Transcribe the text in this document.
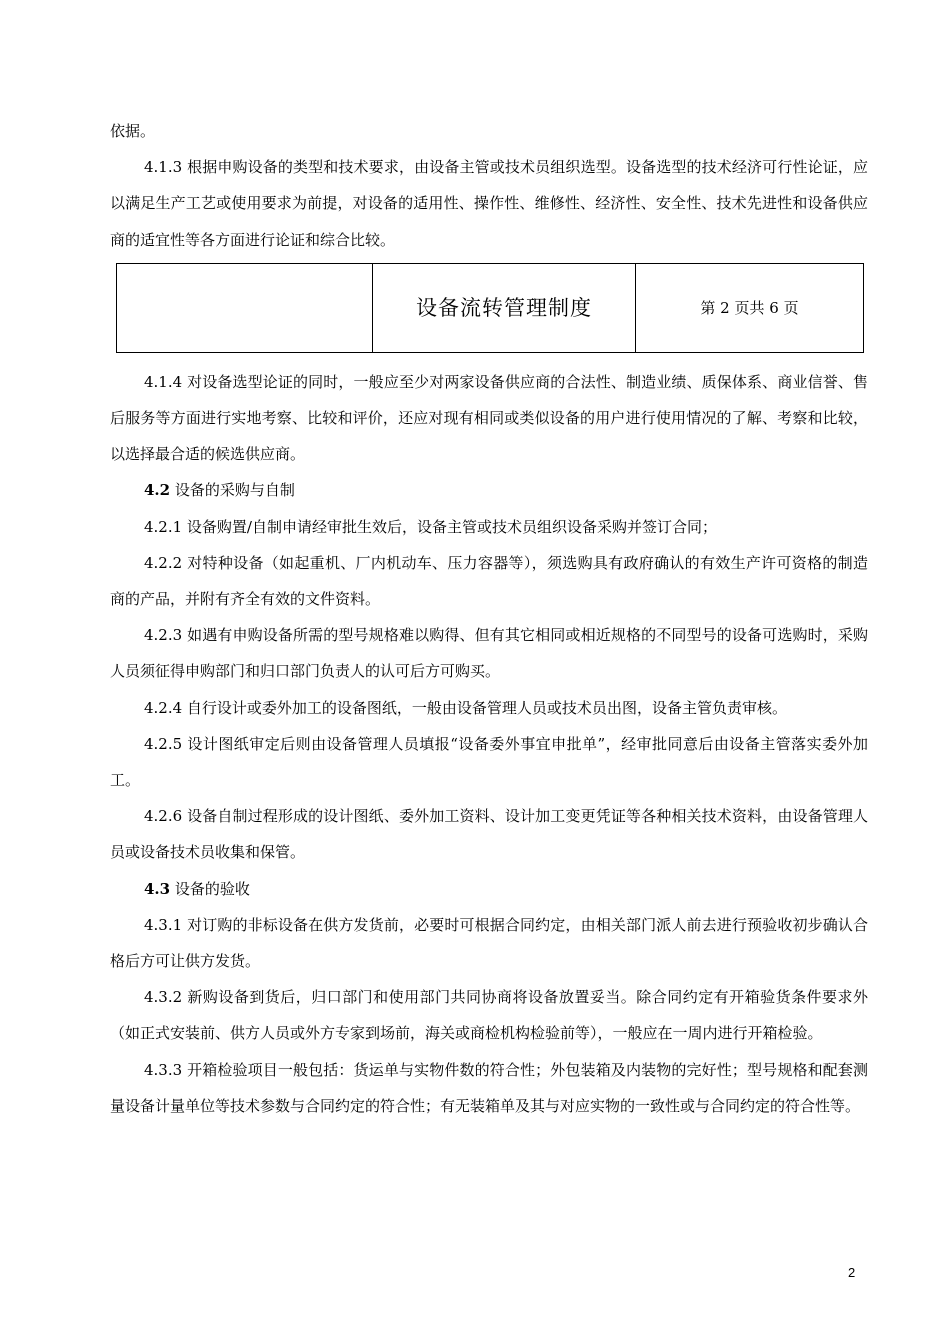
依据。

4.1.3 根据申购设备的类型和技术要求，由设备主管或技术员组织选型。设备选型的技术经济可行性论证，应以满足生产工艺或使用要求为前提，对设备的适用性、操作性、维修性、经济性、安全性、技术先进性和设备供应商的适宜性等各方面进行论证和综合比较。

	设备流转管理制度	第 2 页共 6 页

4.1.4 对设备选型论证的同时，一般应至少对两家设备供应商的合法性、制造业绩、质保体系、商业信誉、售后服务等方面进行实地考察、比较和评价，还应对现有相同或类似设备的用户进行使用情况的了解、考察和比较，以选择最合适的候选供应商。

4.2 设备的采购与自制

4.2.1 设备购置/自制申请经审批生效后，设备主管或技术员组织设备采购并签订合同；

4.2.2 对特种设备（如起重机、厂内机动车、压力容器等），须选购具有政府确认的有效生产许可资格的制造商的产品，并附有齐全有效的文件资料。

4.2.3 如遇有申购设备所需的型号规格难以购得、但有其它相同或相近规格的不同型号的设备可选购时，采购人员须征得申购部门和归口部门负责人的认可后方可购买。

4.2.4 自行设计或委外加工的设备图纸，一般由设备管理人员或技术员出图，设备主管负责审核。

4.2.5 设计图纸审定后则由设备管理人员填报“设备委外事宜申批单”，经审批同意后由设备主管落实委外加工。

4.2.6 设备自制过程形成的设计图纸、委外加工资料、设计加工变更凭证等各种相关技术资料，由设备管理人员或设备技术员收集和保管。

4.3 设备的验收

4.3.1 对订购的非标设备在供方发货前，必要时可根据合同约定，由相关部门派人前去进行预验收初步确认合格后方可让供方发货。

4.3.2 新购设备到货后，归口部门和使用部门共同协商将设备放置妥当。除合同约定有开箱验货条件要求外（如正式安装前、供方人员或外方专家到场前，海关或商检机构检验前等），一般应在一周内进行开箱检验。

4.3.3 开箱检验项目一般包括：货运单与实物件数的符合性；外包装箱及内装物的完好性；型号规格和配套测量设备计量单位等技术参数与合同约定的符合性；有无装箱单及其与对应实物的一致性或与合同约定的符合性等。

2
